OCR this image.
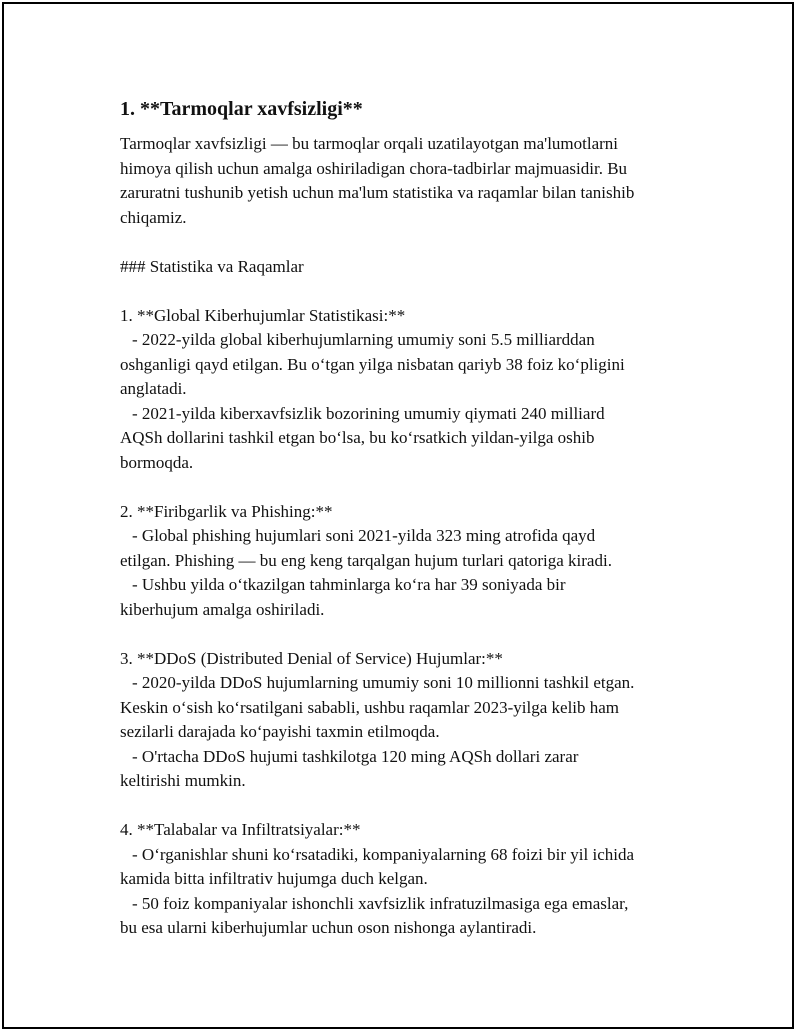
1. **Tarmoqlar xavfsizligi**
Tarmoqlar xavfsizligi — bu tarmoqlar orqali uzatilayotgan ma'lumotlarni
himoya qilish uchun amalga oshiriladigan chora-tadbirlar majmuasidir. Bu
zaruratni tushunib yetish uchun ma'lum statistika va raqamlar bilan tanishib
chiqamiz.
### Statistika va Raqamlar
1. **Global Kiberhujumlar Statistikasi:**
- 2022-yilda global kiberhujumlarning umumiy soni 5.5 milliarddan
oshganligi qayd etilgan. Bu o‘tgan yilga nisbatan qariyb 38 foiz ko‘pligini
anglatadi.
- 2021-yilda kiberxavfsizlik bozorining umumiy qiymati 240 milliard
AQSh dollarini tashkil etgan bo‘lsa, bu ko‘rsatkich yildan-yilga oshib
bormoqda.
2. **Firibgarlik va Phishing:**
- Global phishing hujumlari soni 2021-yilda 323 ming atrofida qayd
etilgan. Phishing — bu eng keng tarqalgan hujum turlari qatoriga kiradi.
- Ushbu yilda o‘tkazilgan tahminlarga ko‘ra har 39 soniyada bir
kiberhujum amalga oshiriladi.
3. **DDoS (Distributed Denial of Service) Hujumlar:**
- 2020-yilda DDoS hujumlarning umumiy soni 10 millionni tashkil etgan.
Keskin o‘sish ko‘rsatilgani sababli, ushbu raqamlar 2023-yilga kelib ham
sezilarli darajada ko‘payishi taxmin etilmoqda.
- O'rtacha DDoS hujumi tashkilotga 120 ming AQSh dollari zarar
keltirishi mumkin.
4. **Talabalar va Infiltratsiyalar:**
- O‘rganishlar shuni ko‘rsatadiki, kompaniyalarning 68 foizi bir yil ichida
kamida bitta infiltrativ hujumga duch kelgan.
- 50 foiz kompaniyalar ishonchli xavfsizlik infratuzilmasiga ega emaslar,
bu esa ularni kiberhujumlar uchun oson nishonga aylantiradi.
